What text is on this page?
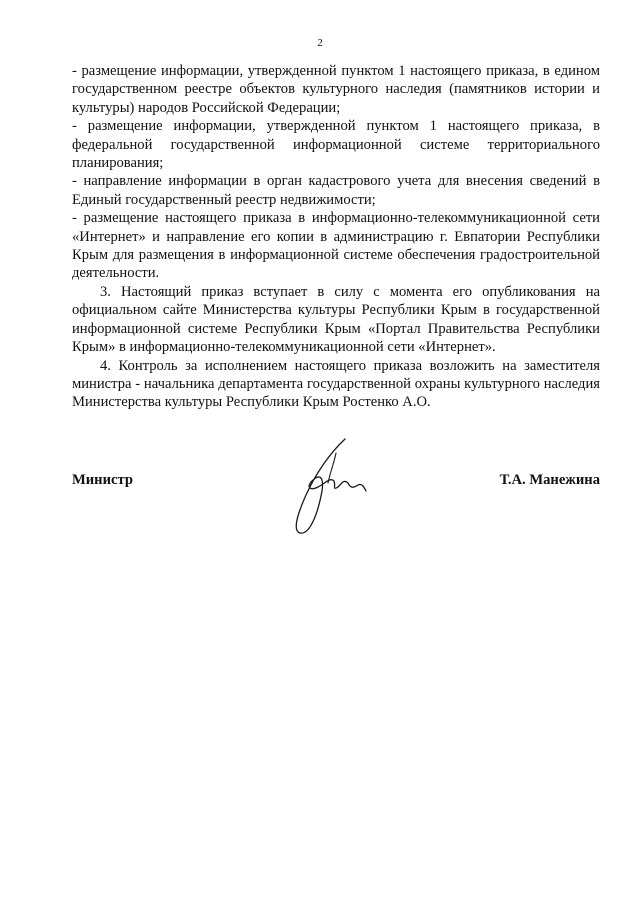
2

- размещение информации, утвержденной пунктом 1 настоящего приказа, в едином государственном реестре объектов культурного наследия (памятников истории и культуры) народов Российской Федерации;

- размещение информации, утвержденной пунктом 1 настоящего приказа, в федеральной государственной информационной системе территориального планирования;

- направление информации в орган кадастрового учета для внесения сведений в Единый государственный реестр недвижимости;

- размещение настоящего приказа в информационно-телекоммуникационной сети «Интернет» и направление его копии в администрацию г. Евпатории Республики Крым для размещения в информационной системе обеспечения градостроительной деятельности.

3. Настоящий приказ вступает в силу с момента его опубликования на официальном сайте Министерства культуры Республики Крым в государственной информационной системе Республики Крым «Портал Правительства Республики Крым» в информационно-телекоммуникационной сети «Интернет».

4. Контроль за исполнением настоящего приказа возложить на заместителя министра - начальника департамента государственной охраны культурного наследия Министерства культуры Республики Крым Ростенко А.О.

Министр	Т.А. Манежина
